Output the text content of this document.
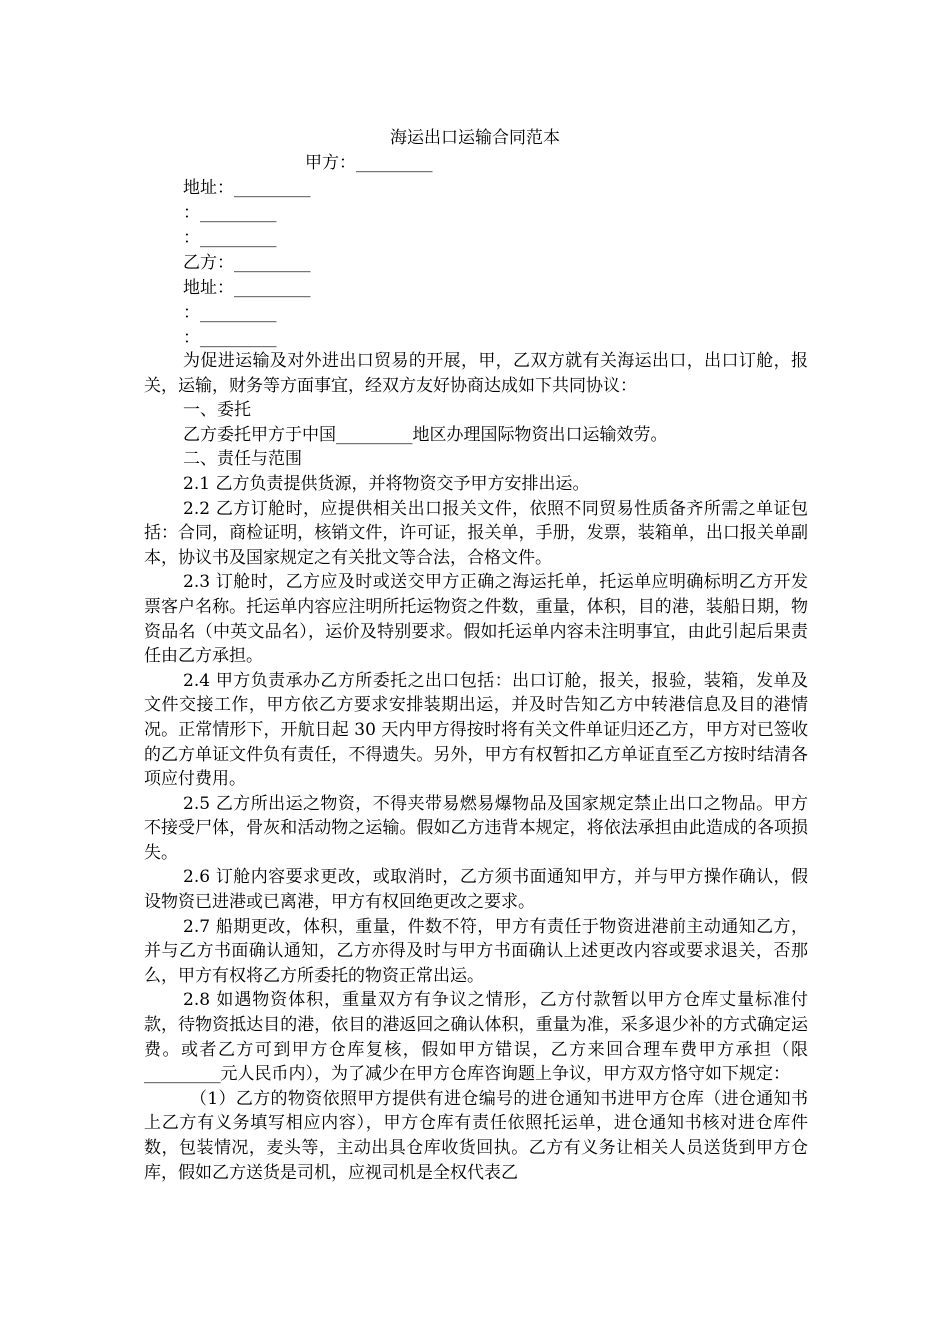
海运出口运输合同范本
甲方：_________
地址：_________
：_________
：_________
乙方：_________
地址：_________
：_________
：_________

为促进运输及对外进出口贸易的开展，甲，乙双方就有关海运出口，出口订舱，报关，运输，财务等方面事宜，经双方友好协商达成如下共同协议：

一、委托

乙方委托甲方于中国_________地区办理国际物资出口运输效劳。

二、责任与范围

2.1 乙方负责提供货源，并将物资交予甲方安排出运。

2.2 乙方订舱时，应提供相关出口报关文件，依照不同贸易性质备齐所需之单证包括：合同，商检证明，核销文件，许可证，报关单，手册，发票，装箱单，出口报关单副本，协议书及国家规定之有关批文等合法，合格文件。

2.3 订舱时，乙方应及时或送交甲方正确之海运托单，托运单应明确标明乙方开发票客户名称。托运单内容应注明所托运物资之件数，重量，体积，目的港，装船日期，物资品名（中英文品名），运价及特别要求。假如托运单内容未注明事宜，由此引起后果责任由乙方承担。

2.4 甲方负责承办乙方所委托之出口包括：出口订舱，报关，报验，装箱，发单及文件交接工作，甲方依乙方要求安排装期出运，并及时告知乙方中转港信息及目的港情况。正常情形下，开航日起 30 天内甲方得按时将有关文件单证归还乙方，甲方对已签收的乙方单证文件负有责任，不得遗失。另外，甲方有权暂扣乙方单证直至乙方按时结清各项应付费用。

2.5 乙方所出运之物资，不得夹带易燃易爆物品及国家规定禁止出口之物品。甲方不接受尸体，骨灰和活动物之运输。假如乙方违背本规定，将依法承担由此造成的各项损失。

2.6 订舱内容要求更改，或取消时，乙方须书面通知甲方，并与甲方操作确认，假设物资已进港或已离港，甲方有权回绝更改之要求。

2.7 船期更改，体积，重量，件数不符，甲方有责任于物资进港前主动通知乙方，并与乙方书面确认通知，乙方亦得及时与甲方书面确认上述更改内容或要求退关，否那么，甲方有权将乙方所委托的物资正常出运。

2.8 如遇物资体积，重量双方有争议之情形，乙方付款暂以甲方仓库丈量标准付款，待物资抵达目的港，依目的港返回之确认体积，重量为准，采多退少补的方式确定运费。或者乙方可到甲方仓库复核，假如甲方错误，乙方来回合理车费甲方承担（限_________元人民币内），为了减少在甲方仓库咨询题上争议，甲方双方恪守如下规定：

（1）乙方的物资依照甲方提供有进仓编号的进仓通知书进甲方仓库（进仓通知书上乙方有义务填写相应内容），甲方仓库有责任依照托运单，进仓通知书核对进仓库件数，包装情况，麦头等，主动出具仓库收货回执。乙方有义务让相关人员送货到甲方仓库，假如乙方送货是司机，应视司机是全权代表乙
